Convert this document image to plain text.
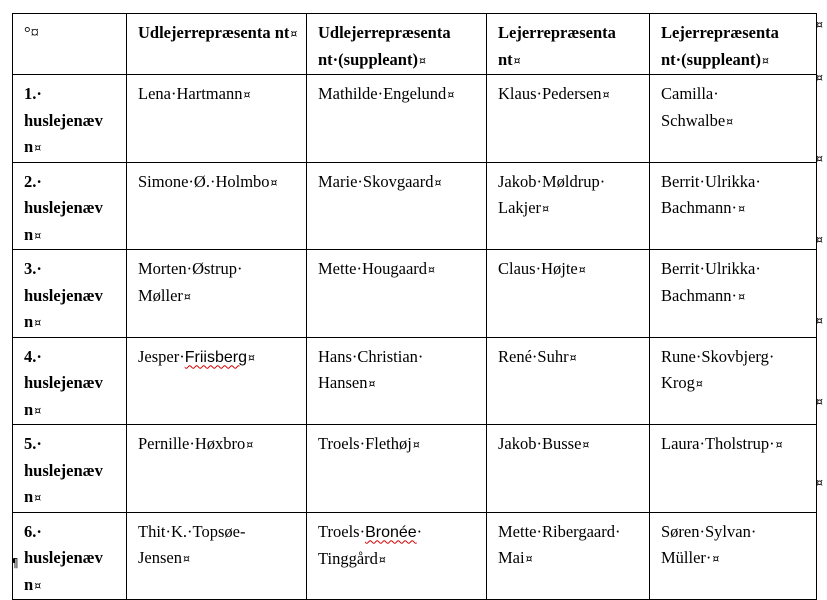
°¤	Udlejerrepræsenta nt¤	Udlejerrepræsenta nt·(suppleant)¤	Lejerrepræsenta nt¤	Lejerrepræsenta nt·(suppleant)¤
1.·
huslejenæv
n¤	Lena·Hartmann¤	Mathilde·Engelund¤	Klaus·Pedersen¤	Camilla·
Schwalbe¤
2.·
huslejenæv
n¤	Simone·Ø.·Holmbo¤	Marie·Skovgaard¤	Jakob·Møldrup·
Lakjer¤	Berrit·Ulrikka·
Bachmann·¤
3.·
huslejenæv
n¤	Morten·Østrup·
Møller¤	Mette·Hougaard¤	Claus·Højte¤	Berrit·Ulrikka·
Bachmann·¤
4.·
huslejenæv
n¤	Jesper·Friisberg¤	Hans·Christian·
Hansen¤	René·Suhr¤	Rune·Skovbjerg·
Krog¤
5.·
huslejenæv
n¤	Pernille·Høxbro¤	Troels·Flethøj¤	Jakob·Busse¤	Laura·Tholstrup·¤
6.·
huslejenæv
n¤	Thit·K.·Topsøe-
Jensen¤	Troels·Bronée·
Tinggård¤	Mette·Ribergaard·
Mai¤	Søren·Sylvan·
Müller·¤
¤
¤
¤
¤
¤
¤
¤
¶
